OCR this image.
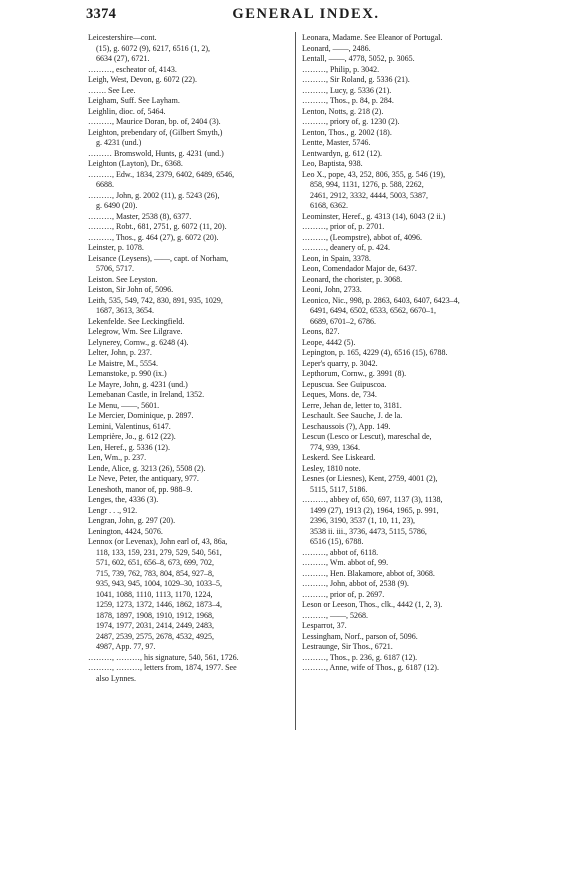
3374	GENERAL INDEX.
Leicestershire—cont.
(15), g. 6072 (9), 6217, 6516 (1, 2),
6634 (27), 6721.
………, escheator of, 4143.
Leigh, West, Devon, g. 6072 (22).
……. See Lee.
Leigham, Suff. See Layham.
Leighlin, dioc. of, 5464.
………, Maurice Doran, bp. of, 2404 (3).
Leighton, prebendary of, (Gilbert Smyth,)
g. 4231 (und.)
……… Bromswold, Hunts, g. 4231 (und.)
Leighton (Layton), Dr., 6368.
………, Edw., 1834, 2379, 6402, 6489, 6546,
6688.
………, John, g. 2002 (11), g. 5243 (26),
g. 6490 (20).
………, Master, 2538 (8), 6377.
………, Robt., 681, 2751, g. 6072 (11, 20).
………, Thos., g. 464 (27), g. 6072 (20).
Leinster, p. 1078.
Leisance (Leysens), ——, capt. of Norham,
5706, 5717.
Leiston. See Leyston.
Leiston, Sir John of, 5096.
Leith, 535, 549, 742, 830, 891, 935, 1029,
1687, 3613, 3654.
Lekenfelde. See Leckingfield.
Lelegrow, Wm. See Lilgrave.
Lelynerey, Cornw., g. 6248 (4).
Lelter, John, p. 237.
Le Maistre, M., 5554.
Lemanstoke, p. 990 (ix.)
Le Mayre, John, g. 4231 (und.)
Lemebanan Castle, in Ireland, 1352.
Le Menu, ——, 5601.
Le Mercier, Dominique, p. 2897.
Lemini, Valentinus, 6147.
Lemprière, Jo., g. 612 (22).
Len, Heref., g. 5336 (12).
Len, Wm., p. 237.
Lende, Alice, g. 3213 (26), 5508 (2).
Le Neve, Peter, the antiquary, 977.
Leneshoth, manor of, pp. 988–9.
Lenges, the, 4336 (3).
Lengr . . ., 912.
Lengran, John, g. 297 (20).
Lenington, 4424, 5076.
Lennox (or Levenax), John earl of, 43, 86a,
118, 133, 159, 231, 279, 529, 540, 561,
571, 602, 651, 656–8, 673, 699, 702,
715, 739, 762, 783, 804, 854, 927–8,
935, 943, 945, 1004, 1029–30, 1033–5,
1041, 1088, 1110, 1113, 1170, 1224,
1259, 1273, 1372, 1446, 1862, 1873–4,
1878, 1897, 1908, 1910, 1912, 1968,
1974, 1977, 2031, 2414, 2449, 2483,
2487, 2539, 2575, 2678, 4532, 4925,
4987, App. 77, 97.
………, ………, his signature, 540, 561, 1726.
………, ………, letters from, 1874, 1977. See
also Lynnes.
Leonara, Madame. See Eleanor of Portugal.
Leonard, ——, 2486.
Lentall, ——, 4778, 5052, p. 3065.
………, Philip, p. 3042.
………, Sir Roland, g. 5336 (21).
………, Lucy, g. 5336 (21).
………, Thos., p. 84, p. 284.
Lenton, Notts, g. 218 (2).
………, priory of, g. 1230 (2).
Lenton, Thos., g. 2002 (18).
Lentte, Master, 5746.
Lentwardyn, g. 612 (12).
Leo, Baptista, 938.
Leo X., pope, 43, 252, 806, 355, g. 546 (19),
858, 994, 1131, 1276, p. 588, 2262,
2461, 2912, 3332, 4444, 5003, 5387,
6168, 6362.
Leominster, Heref., g. 4313 (14), 6043 (2 ii.)
………, prior of, p. 2701.
………, (Leompstre), abbot of, 4096.
………, deanery of, p. 424.
Leon, in Spain, 3378.
Leon, Comendador Major de, 6437.
Leonard, the chorister, p. 3068.
Leoni, John, 2733.
Leonico, Nic., 998, p. 2863, 6403, 6407, 6423–4,
6491, 6494, 6502, 6533, 6562, 6670–1,
6689, 6701–2, 6786.
Leons, 827.
Leope, 4442 (5).
Lepington, p. 165, 4229 (4), 6516 (15), 6788.
Leper's quarry, p. 3042.
Lepthorum, Cornw., g. 3991 (8).
Lepuscua. See Guipuscoa.
Leques, Mons. de, 734.
Lerre, Jehan de, letter to, 3181.
Leschault. See Sauche, J. de la.
Leschaussois (?), App. 149.
Lescun (Lesco or Lescut), mareschal de,
774, 939, 1364.
Leskerd. See Liskeard.
Lesley, 1810 note.
Lesnes (or Liesnes), Kent, 2759, 4001 (2),
5115, 5117, 5186.
………, abbey of, 650, 697, 1137 (3), 1138,
1499 (27), 1913 (2), 1964, 1965, p. 991,
2396, 3190, 3537 (1, 10, 11, 23),
3538 ii. iii., 3736, 4473, 5115, 5786,
6516 (15), 6788.
………, abbot of, 6118.
………, Wm. abbot of, 99.
………, Hen. Blakamore, abbot of, 3068.
………, John, abbot of, 2538 (9).
………, prior of, p. 2697.
Leson or Leeson, Thos., clk., 4442 (1, 2, 3).
………, ——, 5268.
Lesparrot, 37.
Lessingham, Norf., parson of, 5096.
Lestraunge, Sir Thos., 6721.
………, Thos., p. 236, g. 6187 (12).
………, Anne, wife of Thos., g. 6187 (12).
